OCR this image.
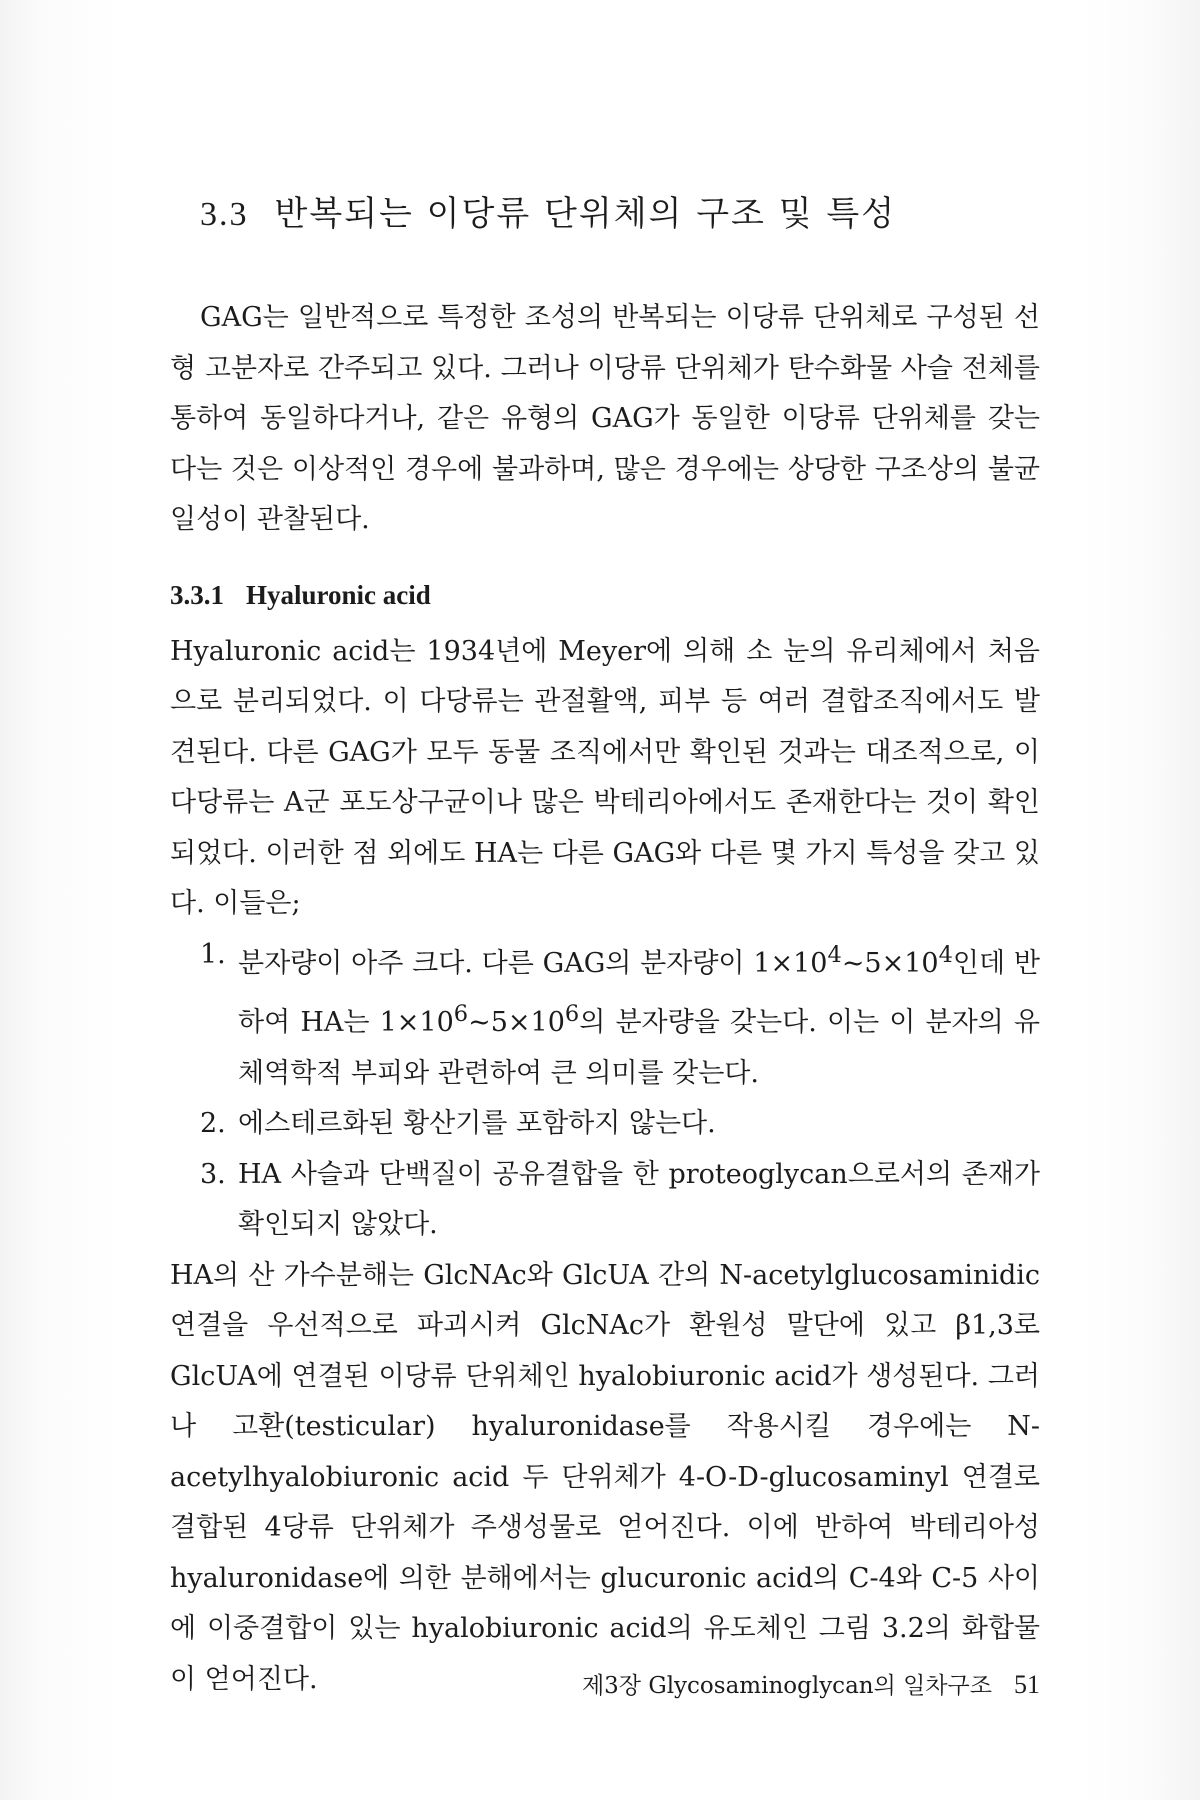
3.3 반복되는 이당류 단위체의 구조 및 특성

GAG는 일반적으로 특정한 조성의 반복되는 이당류 단위체로 구성된 선형 고분자로 간주되고 있다. 그러나 이당류 단위체가 탄수화물 사슬 전체를 통하여 동일하다거나, 같은 유형의 GAG가 동일한 이당류 단위체를 갖는다는 것은 이상적인 경우에 불과하며, 많은 경우에는 상당한 구조상의 불균일성이 관찰된다.

3.3.1 Hyaluronic acid

Hyaluronic acid는 1934년에 Meyer에 의해 소 눈의 유리체에서 처음으로 분리되었다. 이 다당류는 관절활액, 피부 등 여러 결합조직에서도 발견된다. 다른 GAG가 모두 동물 조직에서만 확인된 것과는 대조적으로, 이 다당류는 A군 포도상구균이나 많은 박테리아에서도 존재한다는 것이 확인되었다. 이러한 점 외에도 HA는 다른 GAG와 다른 몇 가지 특성을 갖고 있다. 이들은;

1. 분자량이 아주 크다. 다른 GAG의 분자량이 $1\times 10^4\sim 5\times 10^4$인데 반하여 HA는 $1\times 10^6\sim 5\times 10^6$의 분자량을 갖는다. 이는 이 분자의 유체역학적 부피와 관련하여 큰 의미를 갖는다.
2. 에스테르화된 황산기를 포함하지 않는다.
3. HA 사슬과 단백질이 공유결합을 한 proteoglycan으로서의 존재가 확인되지 않았다.

HA의 산 가수분해는 GlcNAc와 GlcUA 간의 N-acetylglucosaminidic 연결을 우선적으로 파괴시켜 GlcNAc가 환원성 말단에 있고 β1,3로 GlcUA에 연결된 이당류 단위체인 hyalobiuronic acid가 생성된다. 그러나 고환(testicular) hyaluronidase를 작용시킬 경우에는 N-acetylhyalobiuronic acid 두 단위체가 4-O-D-glucosaminyl 연결로 결합된 4당류 단위체가 주생성물로 얻어진다. 이에 반하여 박테리아성 hyaluronidase에 의한 분해에서는 glucuronic acid의 C-4와 C-5 사이에 이중결합이 있는 hyalobiuronic acid의 유도체인 그림 3.2의 화합물이 얻어진다.	제3장 Glycosaminoglycan의 일차구조 51
